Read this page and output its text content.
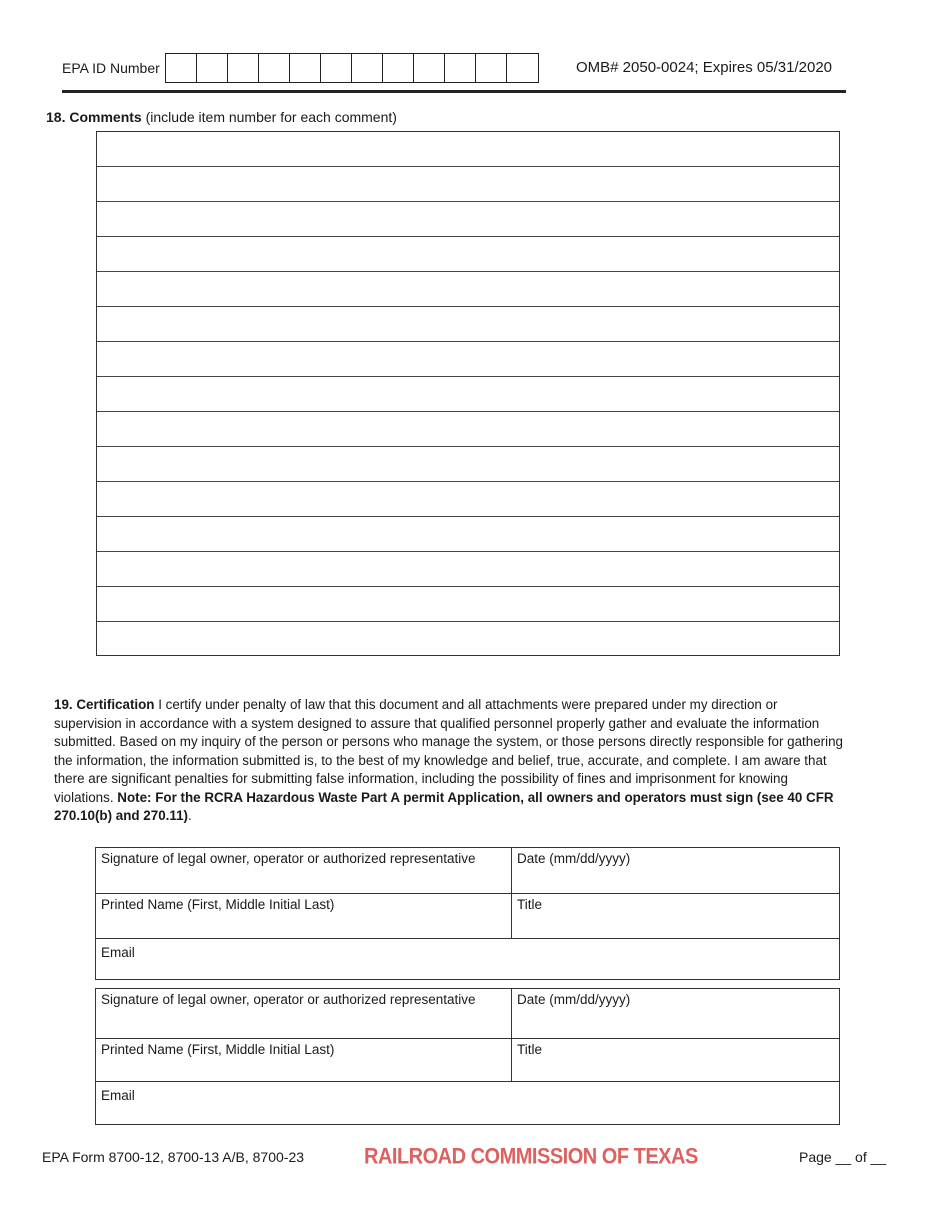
EPA ID Number	OMB# 2050-0024; Expires 05/31/2020
18. Comments (include item number for each comment)
19. Certification I certify under penalty of law that this document and all attachments were prepared under my direction or supervision in accordance with a system designed to assure that qualified personnel properly gather and evaluate the information submitted. Based on my inquiry of the person or persons who manage the system, or those persons directly responsible for gathering the information, the information submitted is, to the best of my knowledge and belief, true, accurate, and complete. I am aware that there are significant penalties for submitting false information, including the possibility of fines and imprisonment for knowing violations. Note: For the RCRA Hazardous Waste Part A permit Application, all owners and operators must sign (see 40 CFR 270.10(b) and 270.11).
Signature of legal owner, operator or authorized representative	Date (mm/dd/yyyy)
Printed Name (First, Middle Initial Last)	Title
Email
Signature of legal owner, operator or authorized representative	Date (mm/dd/yyyy)
Printed Name (First, Middle Initial Last)	Title
Email
EPA Form 8700-12, 8700-13 A/B, 8700-23	RAILROAD COMMISSION OF TEXAS	Page __ of __
